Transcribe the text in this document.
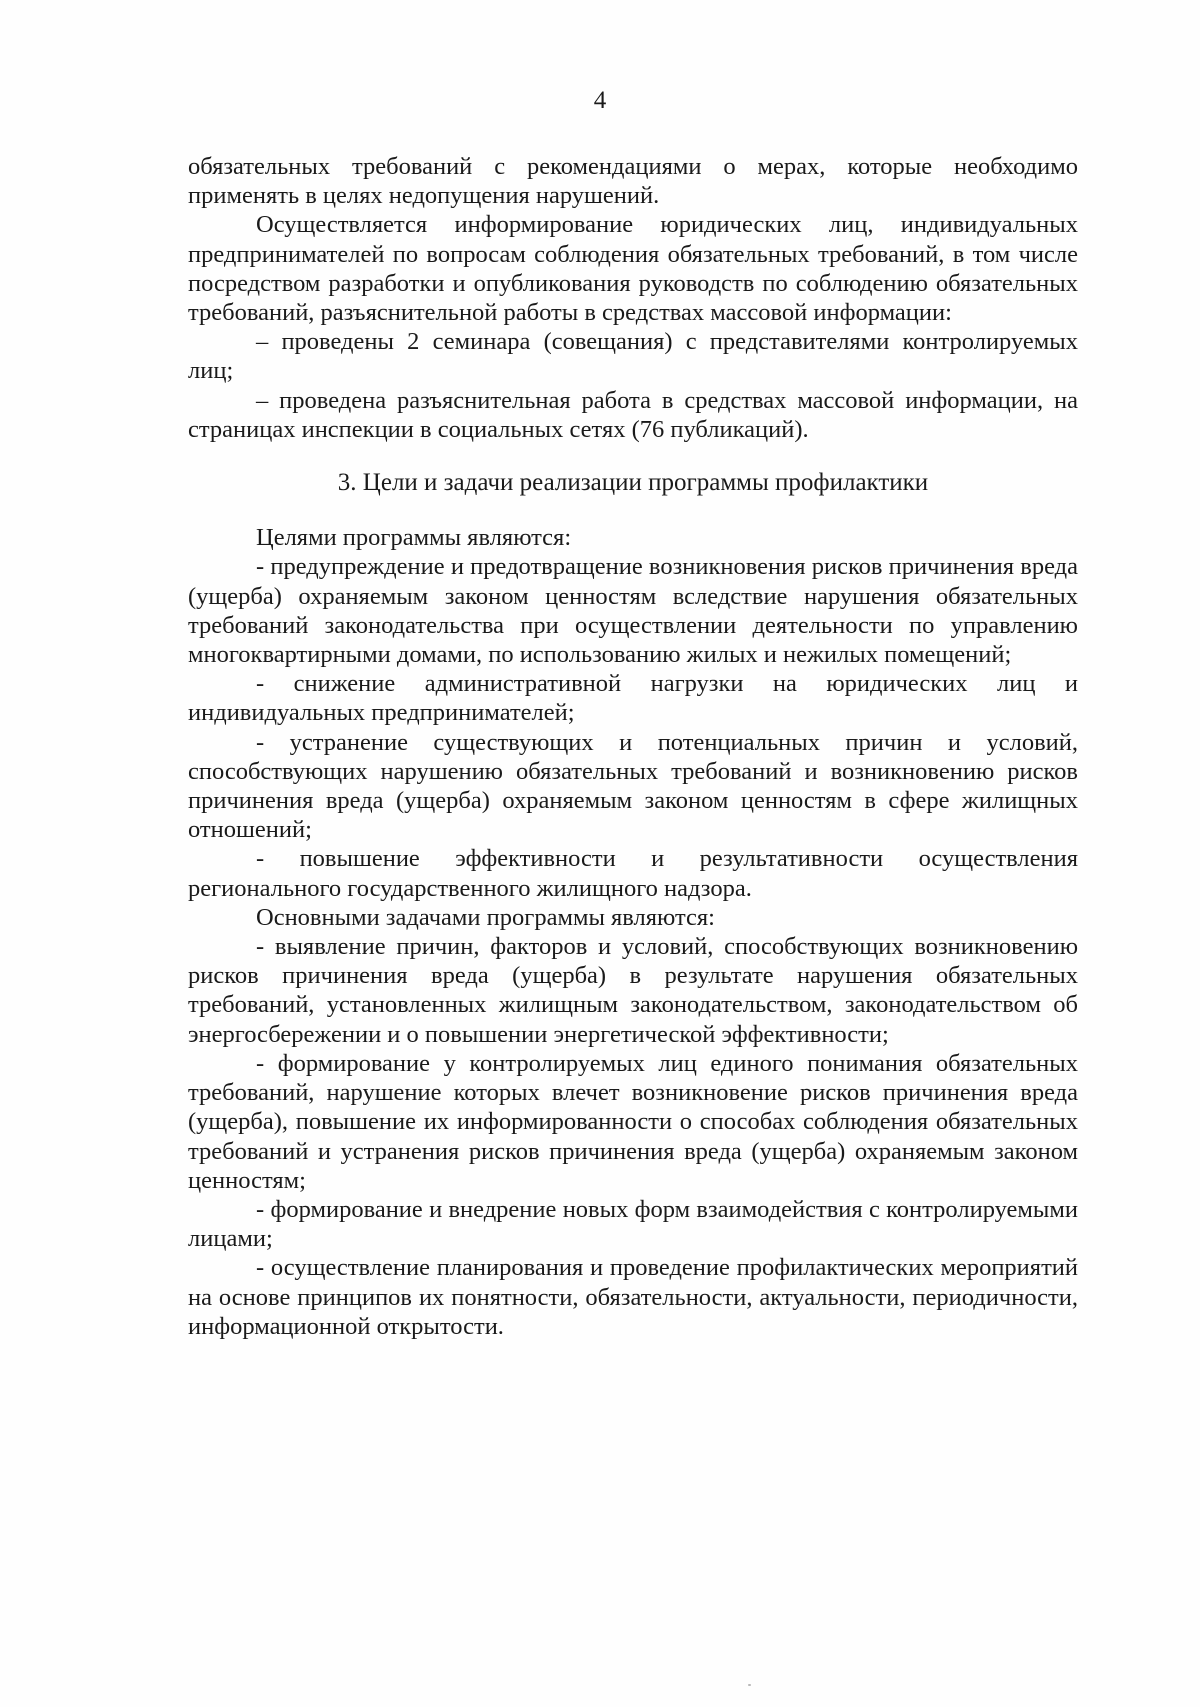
4

обязательных требований с рекомендациями о мерах, которые необходимо применять в целях недопущения нарушений.

Осуществляется информирование юридических лиц, индивидуальных предпринимателей по вопросам соблюдения обязательных требований, в том числе посредством разработки и опубликования руководств по соблюдению обязательных требований, разъяснительной работы в средствах массовой информации:

– проведены 2 семинара (совещания) с представителями контролируемых лиц;

– проведена разъяснительная работа в средствах массовой информации, на страницах инспекции в социальных сетях (76 публикаций).

3. Цели и задачи реализации программы профилактики

Целями программы являются:

- предупреждение и предотвращение возникновения рисков причинения вреда (ущерба) охраняемым законом ценностям вследствие нарушения обязательных требований законодательства при осуществлении деятельности по управлению многоквартирными домами, по использованию жилых и нежилых помещений;

- снижение административной нагрузки на юридических лиц и индивидуальных предпринимателей;

- устранение существующих и потенциальных причин и условий, способствующих нарушению обязательных требований и возникновению рисков причинения вреда (ущерба) охраняемым законом ценностям в сфере жилищных отношений;

- повышение эффективности и результативности осуществления регионального государственного жилищного надзора.

Основными задачами программы являются:

- выявление причин, факторов и условий, способствующих возникновению рисков причинения вреда (ущерба) в результате нарушения обязательных требований, установленных жилищным законодательством, законодательством об энергосбережении и о повышении энергетической эффективности;

- формирование у контролируемых лиц единого понимания обязательных требований, нарушение которых влечет возникновение рисков причинения вреда (ущерба), повышение их информированности о способах соблюдения обязательных требований и устранения рисков причинения вреда (ущерба) охраняемым законом ценностям;

- формирование и внедрение новых форм взаимодействия с контролируемыми лицами;

- осуществление планирования и проведение профилактических мероприятий на основе принципов их понятности, обязательности, актуальности, периодичности, информационной открытости.
